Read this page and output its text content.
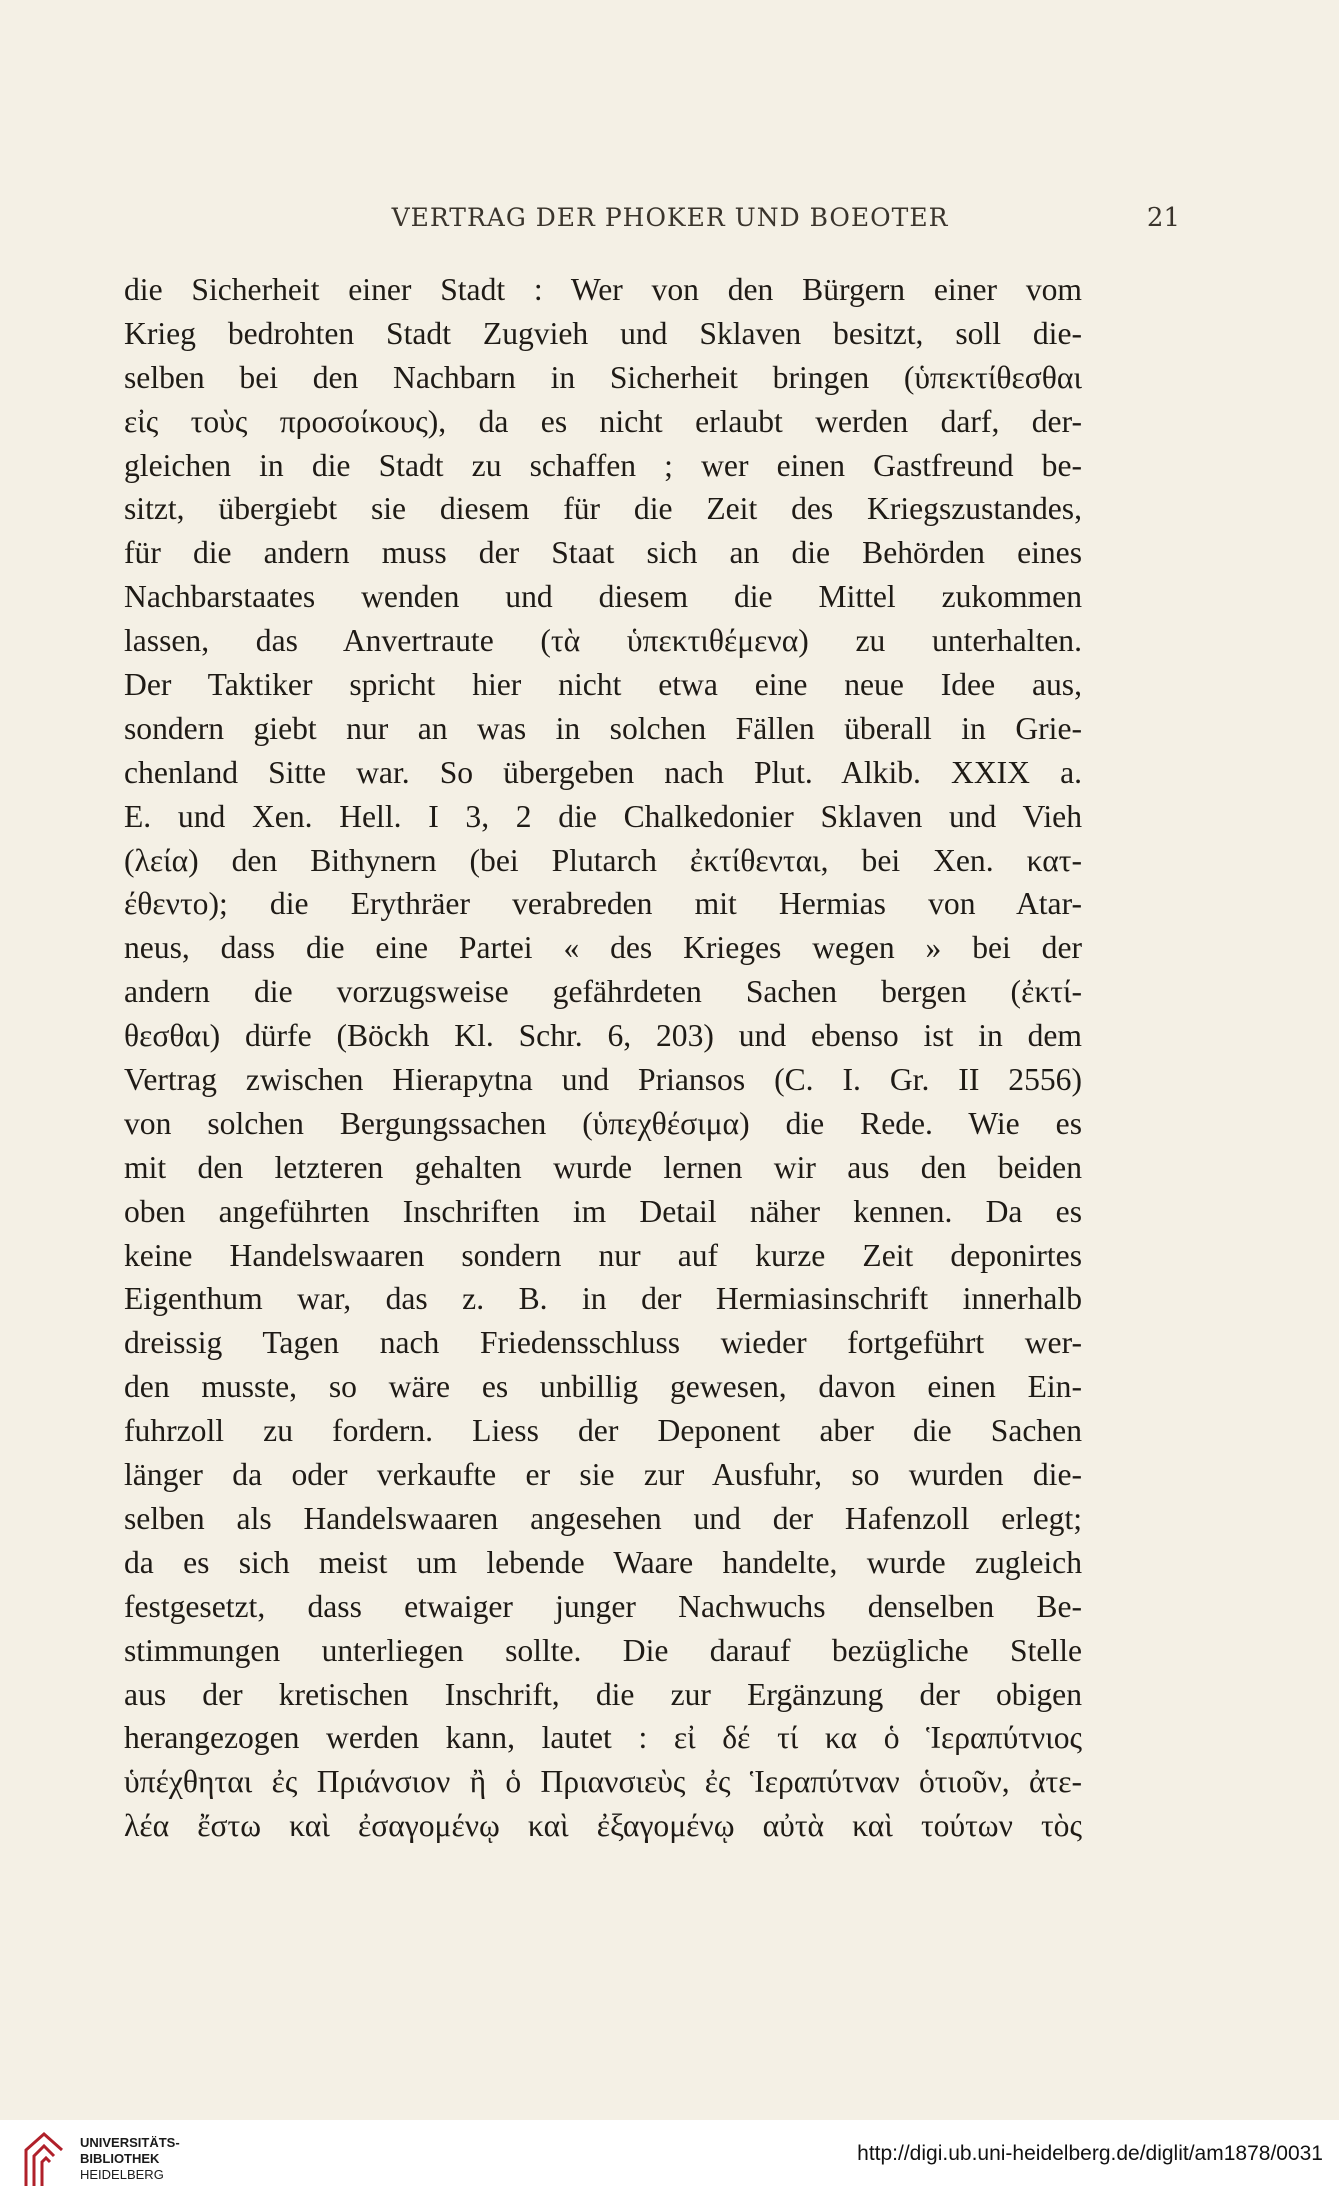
VERTRAG DER PHOKER UND BOEOTER	21
die Sicherheit einer Stadt : Wer von den Bürgern einer vom
Krieg bedrohten Stadt Zugvieh und Sklaven besitzt, soll die-
selben bei den Nachbarn in Sicherheit bringen (ὑπεκτίθεσθαι
εἰς τοὺς προσοίκους), da es nicht erlaubt werden darf, der-
gleichen in die Stadt zu schaffen ; wer einen Gastfreund be-
sitzt, übergiebt sie diesem für die Zeit des Kriegszustandes,
für die andern muss der Staat sich an die Behörden eines
Nachbarstaates wenden und diesem die Mittel zukommen
lassen, das Anvertraute (τὰ ὑπεκτιθέμενα) zu unterhalten.
Der Taktiker spricht hier nicht etwa eine neue Idee aus,
sondern giebt nur an was in solchen Fällen überall in Grie-
chenland Sitte war. So übergeben nach Plut. Alkib. XXIX a.
E. und Xen. Hell. I 3, 2 die Chalkedonier Sklaven und Vieh
(λεία) den Bithynern (bei Plutarch ἐκτίθενται, bei Xen. κατ-
έθεντο); die Erythräer verabreden mit Hermias von Atar-
neus, dass die eine Partei « des Krieges wegen » bei der
andern die vorzugsweise gefährdeten Sachen bergen (ἐκτί-
θεσθαι) dürfe (Böckh Kl. Schr. 6, 203) und ebenso ist in dem
Vertrag zwischen Hierapytna und Priansos (C. I. Gr. II 2556)
von solchen Bergungssachen (ὑπεχθέσιμα) die Rede. Wie es
mit den letzteren gehalten wurde lernen wir aus den beiden
oben angeführten Inschriften im Detail näher kennen. Da es
keine Handelswaaren sondern nur auf kurze Zeit deponirtes
Eigenthum war, das z. B. in der Hermiasinschrift innerhalb
dreissig Tagen nach Friedensschluss wieder fortgeführt wer-
den musste, so wäre es unbillig gewesen, davon einen Ein-
fuhrzoll zu fordern. Liess der Deponent aber die Sachen
länger da oder verkaufte er sie zur Ausfuhr, so wurden die-
selben als Handelswaaren angesehen und der Hafenzoll erlegt;
da es sich meist um lebende Waare handelte, wurde zugleich
festgesetzt, dass etwaiger junger Nachwuchs denselben Be-
stimmungen unterliegen sollte. Die darauf bezügliche Stelle
aus der kretischen Inschrift, die zur Ergänzung der obigen
herangezogen werden kann, lautet : εἰ δέ τί κα ὁ Ἱεραπύτνιος
ὑπέχθηται ἐς Πριάνσιον ἢ ὁ Πριανσιεὺς ἐς Ἱεραπύτναν ὁτιοῦν, ἀτε-
λέα ἔστω καὶ ἐσαγομένῳ καὶ ἐξαγομένῳ αὐτὰ καὶ τούτων τὸς
UNIVERSITÄTS-
BIBLIOTHEK
HEIDELBERG
http://digi.ub.uni-heidelberg.de/diglit/am1878/0031
